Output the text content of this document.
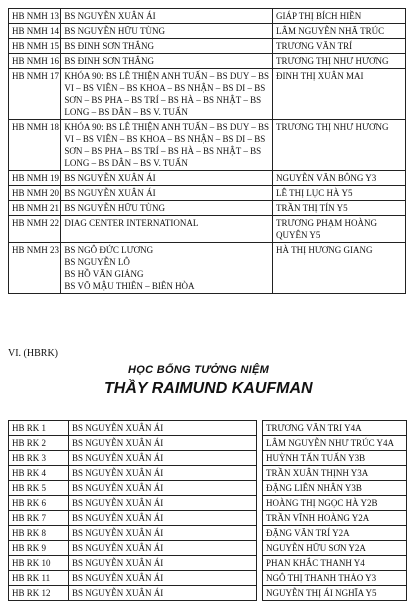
HB NMH 13	BS NGUYỄN XUÂN ÁI	GIÁP THỊ BÍCH HIỀN
HB NMH 14	BS NGUYỄN HỮU TÙNG	LÂM NGUYỄN NHÃ TRÚC
HB NMH 15	BS ĐINH SƠN THẮNG	TRƯƠNG VĂN TRÍ
HB NMH 16	BS ĐINH SƠN THẮNG	TRƯƠNG THỊ NHƯ HƯƠNG
HB NMH 17	KHÓA 90: BS LÊ THIỆN ANH TUẤN – BS DUY – BS VI – BS VIÊN – BS KHOA – BS NHẬN – BS DI – BS SƠN – BS PHA – BS TRÍ – BS HÀ – BS NHẬT – BS LONG – BS DÂN – BS V. TUẤN	ĐINH THỊ XUÂN MAI
HB NMH 18	KHÓA 90: BS LÊ THIỆN ANH TUẤN – BS DUY – BS VI – BS VIÊN – BS KHOA – BS NHẬN – BS DI – BS SƠN – BS PHA – BS TRÍ – BS HÀ – BS NHẬT – BS LONG – BS DÂN – BS V. TUẤN	TRƯƠNG THỊ NHƯ HƯƠNG
HB NMH 19	BS NGUYỄN XUÂN ÁI	NGUYỄN VĂN BÔNG Y3
HB NMH 20	BS NGUYỄN XUÂN ÁI	LÊ THỊ LỤC HÀ Y5
HB NMH 21	BS NGUYỄN HỮU TÙNG	TRẦN THỊ TÍN Y5
HB NMH 22	DIAG CENTER INTERNATIONAL	TRƯƠNG PHẠM HOÀNG QUYÊN Y5
HB NMH 23	BS NGÔ ĐỨC LƯƠNG
BS NGUYỄN LÔ
BS HỒ VĂN GIẢNG
BS VÕ MẬU THIÊN – BIÊN HÒA	HÀ THỊ HƯƠNG GIANG
VI. (HBRK)
HỌC BỔNG TƯỞNG NIỆM
THẦY RAIMUND KAUFMAN
HB RK 1	BS NGUYỄN XUÂN ÁI		TRƯƠNG VĂN TRI Y4A
HB RK 2	BS NGUYỄN XUÂN ÁI		LÂM NGUYỄN NHƯ TRÚC Y4A
HB RK 3	BS NGUYỄN XUÂN ÁI		HUỲNH TẤN TUẤN Y3B
HB RK 4	BS NGUYỄN XUÂN ÁI		TRẦN XUÂN THỊNH Y3A
HB RK 5	BS NGUYỄN XUÂN ÁI		ĐẶNG LIÊN NHÂN Y3B
HB RK 6	BS NGUYỄN XUÂN ÁI		HOÀNG THỊ NGỌC HÀ Y2B
HB RK 7	BS NGUYỄN XUÂN ÁI		TRẦN VĨNH HOÀNG Y2A
HB RK 8	BS NGUYỄN XUÂN ÁI		ĐẶNG VĂN TRÍ Y2A
HB RK 9	BS NGUYỄN XUÂN ÁI		NGUYỄN HỮU SƠN Y2A
HB RK 10	BS NGUYỄN XUÂN ÁI		PHAN KHẮC THANH Y4
HB RK 11	BS NGUYỄN XUÂN ÁI		NGÔ THỊ THANH THẢO Y3
HB RK 12	BS NGUYỄN XUÂN ÁI		NGUYỄN THỊ ÁI NGHĨA Y5
